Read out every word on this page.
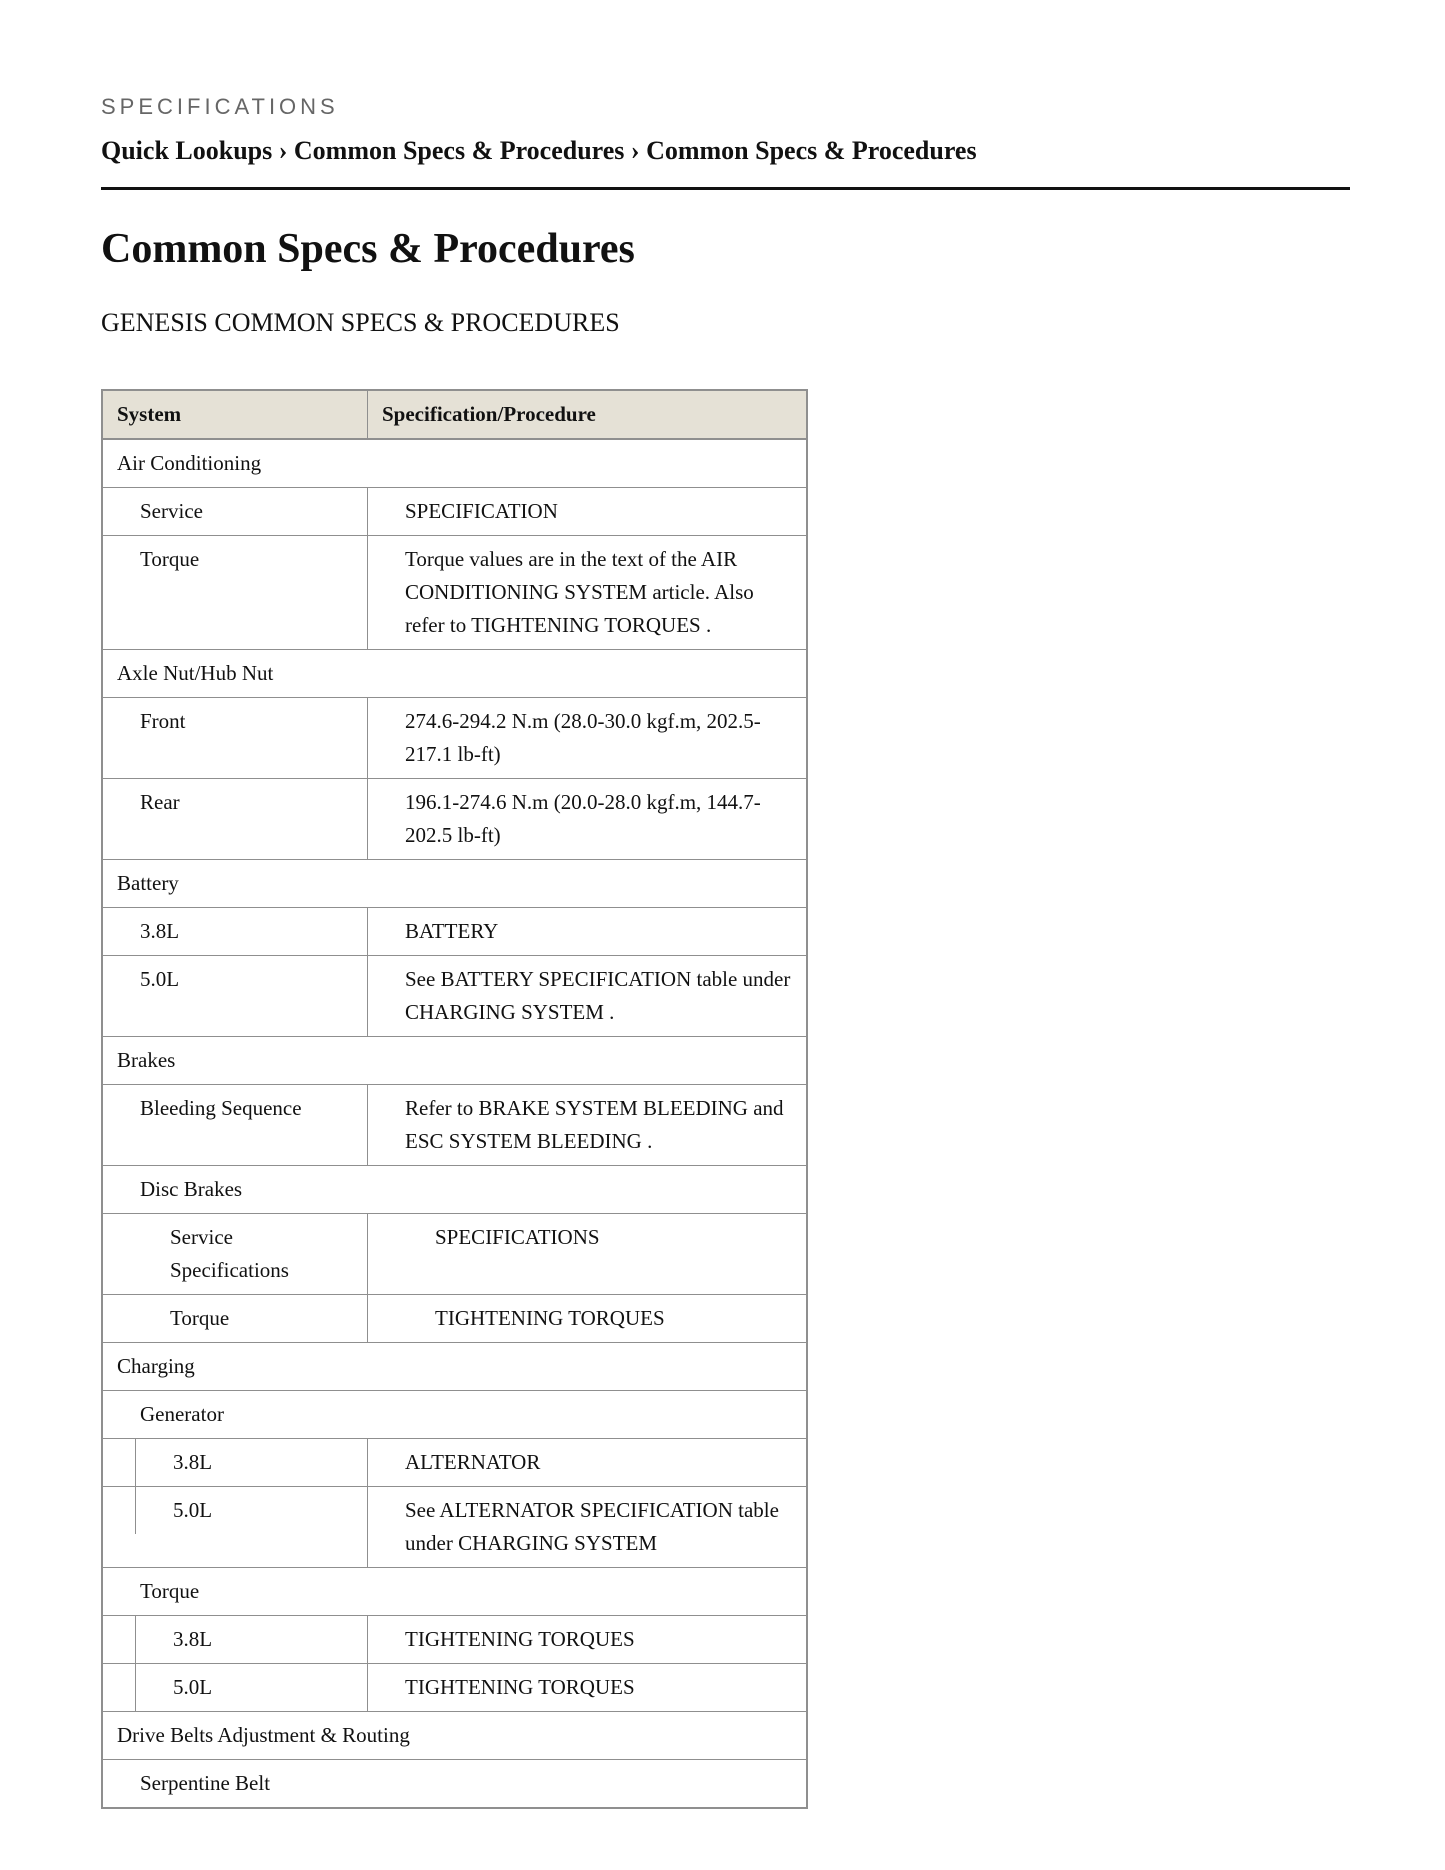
SPECIFICATIONS
Quick Lookups › Common Specs & Procedures › Common Specs & Procedures
Common Specs & Procedures
GENESIS COMMON SPECS & PROCEDURES
System	Specification/Procedure
Air Conditioning	
Service	SPECIFICATION
Torque	Torque values are in the text of the AIR CONDITIONING SYSTEM article. Also refer to TIGHTENING TORQUES .
Axle Nut/Hub Nut	
Front	274.6-294.2 N.m (28.0-30.0 kgf.m, 202.5-217.1 lb-ft)
Rear	196.1-274.6 N.m (20.0-28.0 kgf.m, 144.7-202.5 lb-ft)
Battery	
3.8L	BATTERY
5.0L	See BATTERY SPECIFICATION table under CHARGING SYSTEM .
Brakes	
Bleeding Sequence	Refer to BRAKE SYSTEM BLEEDING and ESC SYSTEM BLEEDING .
Disc Brakes	
Service Specifications	SPECIFICATIONS
Torque	TIGHTENING TORQUES
Charging	
Generator	

3.8L	ALTERNATOR

5.0L	See ALTERNATOR SPECIFICATION table under CHARGING SYSTEM
Torque	

3.8L	TIGHTENING TORQUES

5.0L	TIGHTENING TORQUES
Drive Belts Adjustment & Routing	
Serpentine Belt	
